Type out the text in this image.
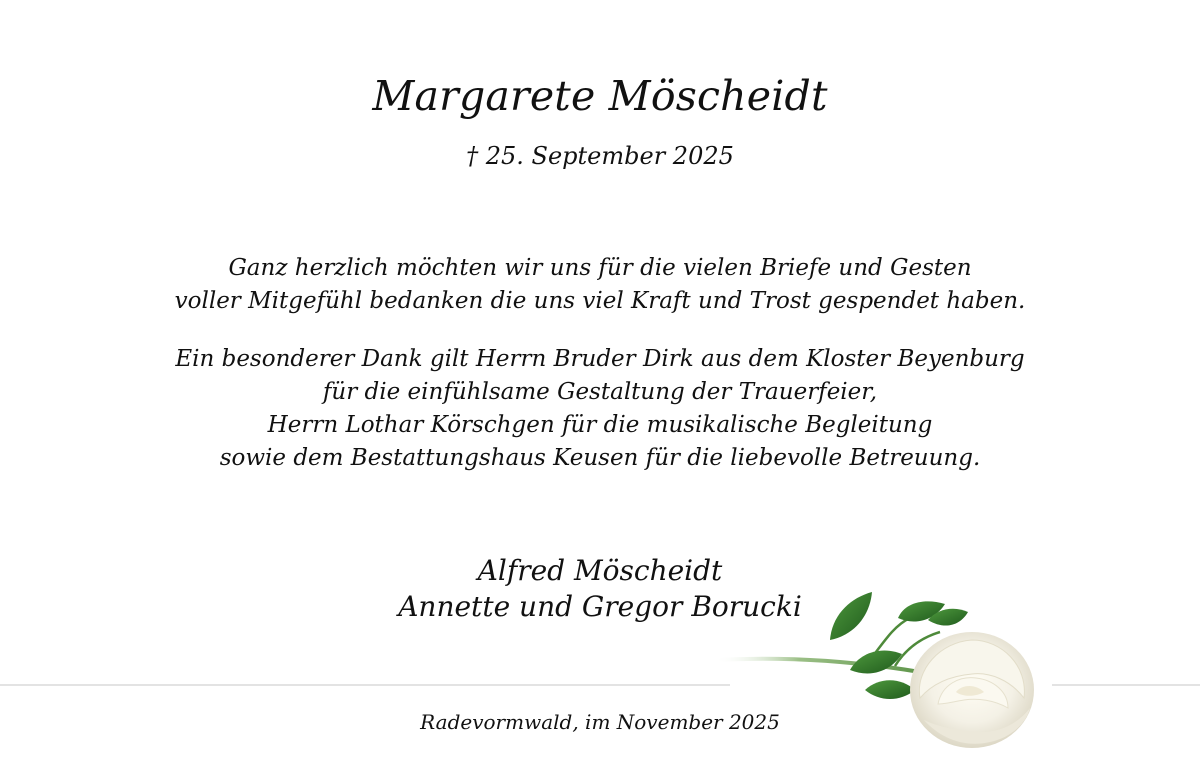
Margarete Möscheidt
† 25. September 2025
Ganz herzlich möchten wir uns für die vielen Briefe und Gesten
voller Mitgefühl bedanken die uns viel Kraft und Trost gespendet haben.
Ein besonderer Dank gilt Herrn Bruder Dirk aus dem Kloster Beyenburg
für die einfühlsame Gestaltung der Trauerfeier,
Herrn Lothar Körschgen für die musikalische Begleitung
sowie dem Bestattungshaus Keusen für die liebevolle Betreuung.
Alfred Möscheidt
Annette und Gregor Borucki
Radevormwald, im November 2025
